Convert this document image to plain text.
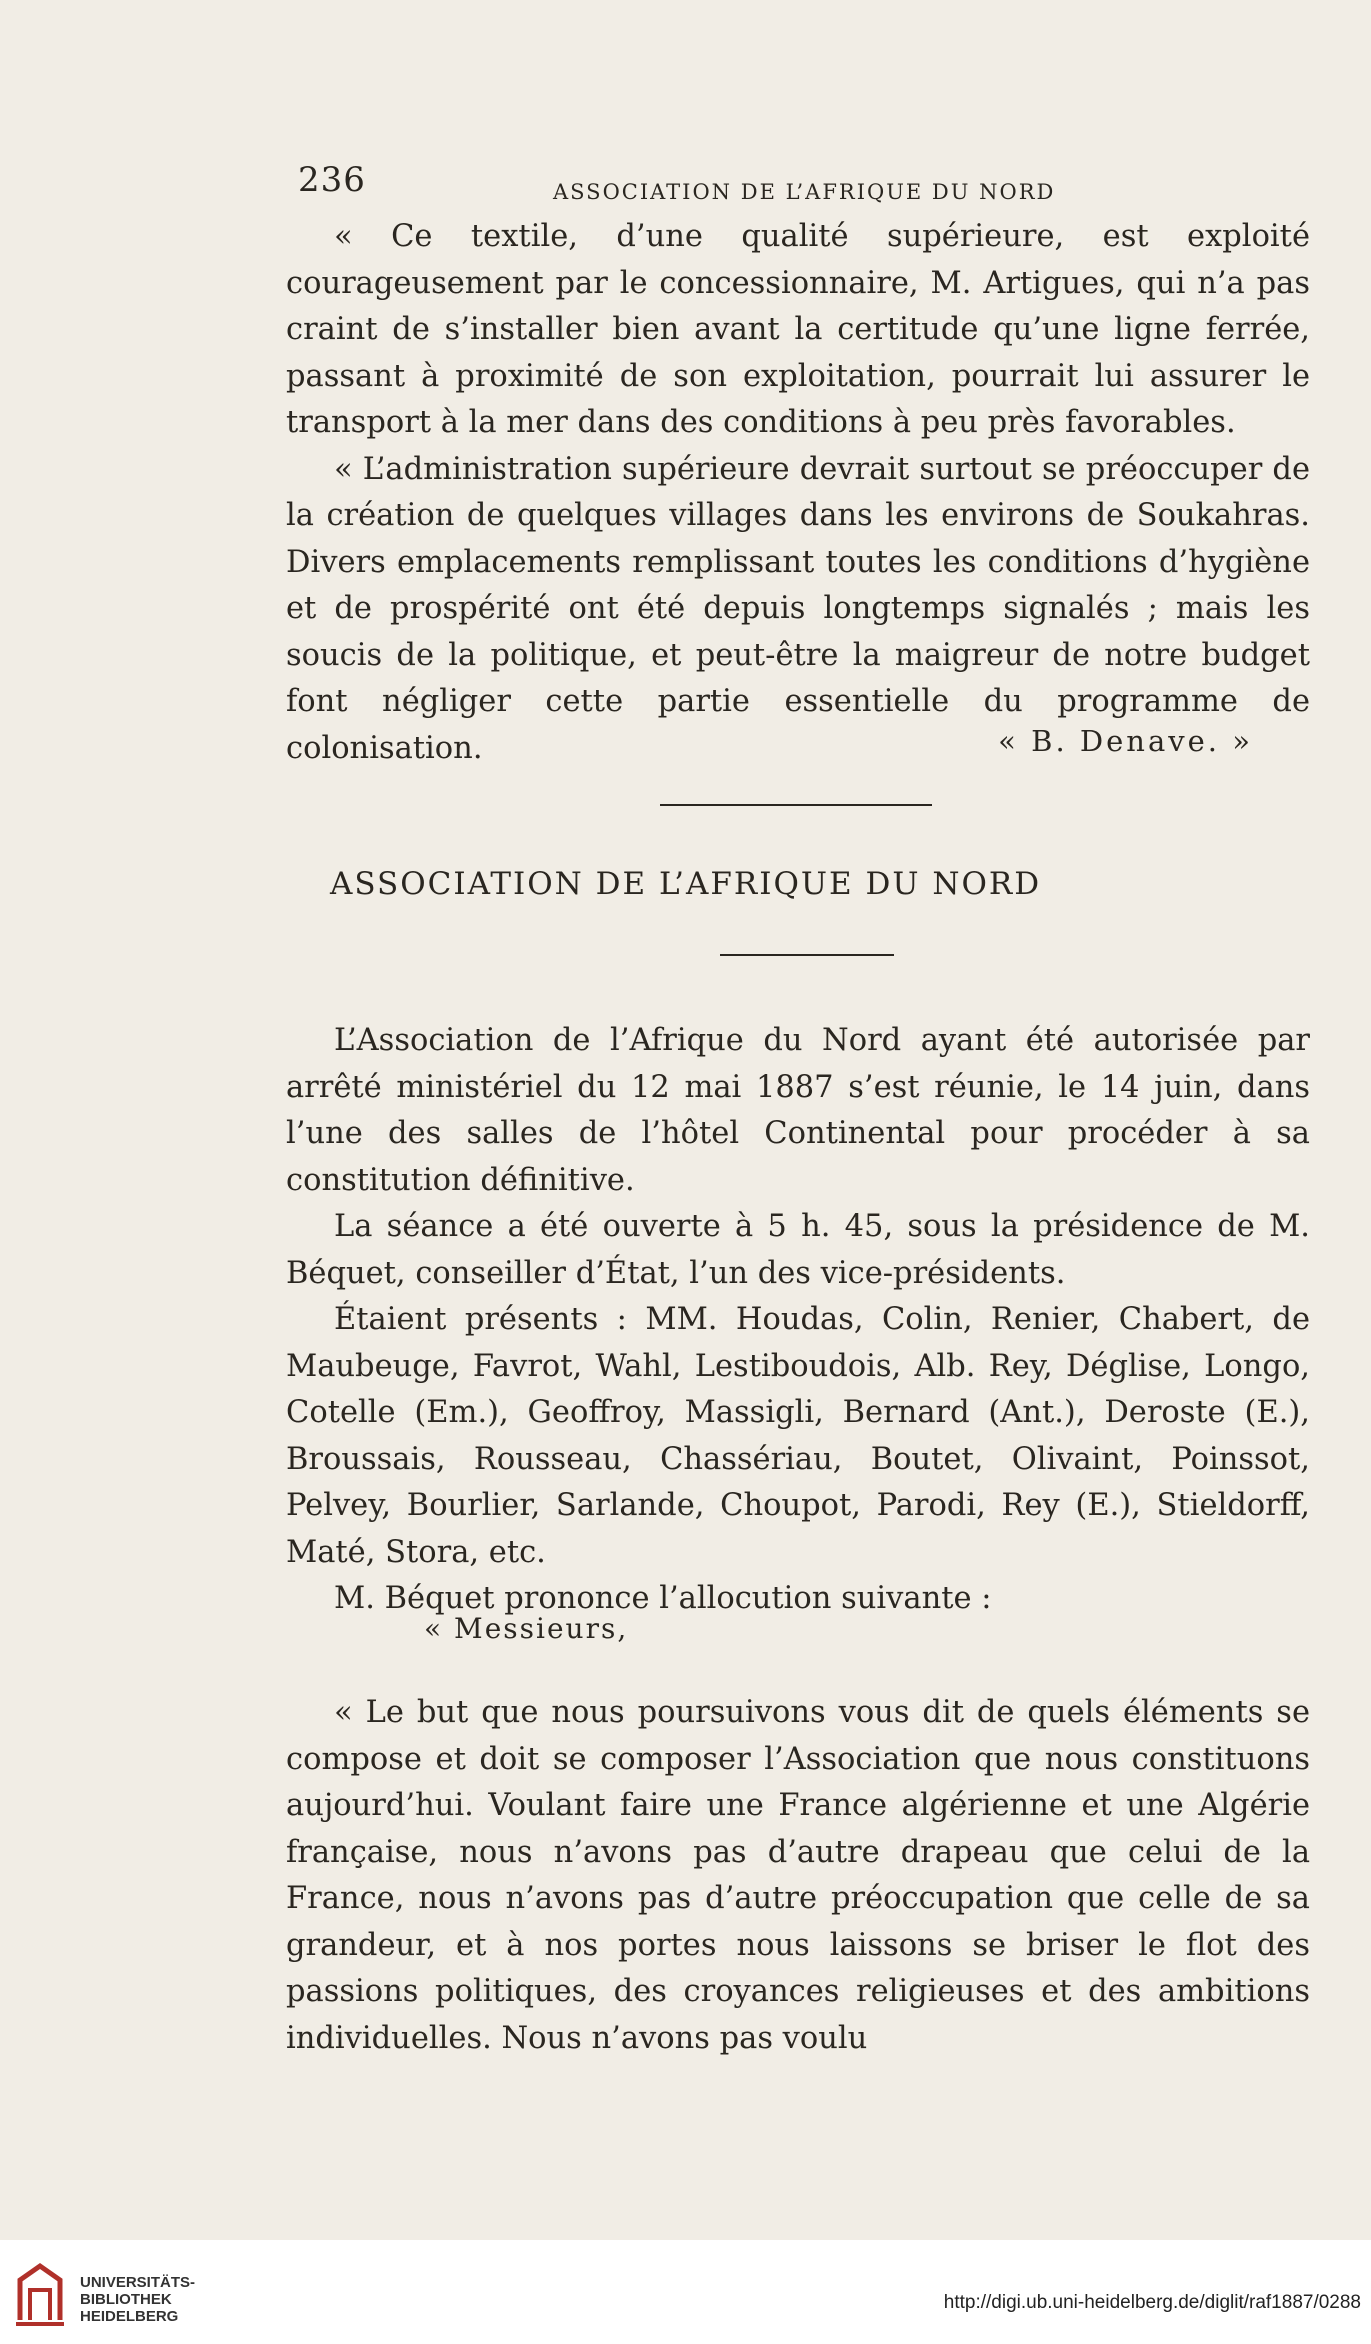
236	ASSOCIATION DE L’AFRIQUE DU NORD

« Ce textile, d’une qualité supérieure, est exploité courageusement par le concessionnaire, M. Artigues, qui n’a pas craint de s’installer bien avant la certitude qu’une ligne ferrée, passant à proximité de son exploitation, pourrait lui assurer le transport à la mer dans des conditions à peu près favorables.

« L’administration supérieure devrait surtout se préoccuper de la création de quelques villages dans les environs de Soukahras. Divers emplacements remplissant toutes les conditions d’hygiène et de prospérité ont été depuis longtemps signalés ; mais les soucis de la politique, et peut-être la maigreur de notre budget font négliger cette partie essentielle du programme de colonisation.	« B. Denave. »
ASSOCIATION DE L’AFRIQUE DU NORD

L’Association de l’Afrique du Nord ayant été autorisée par arrêté ministériel du 12 mai 1887 s’est réunie, le 14 juin, dans l’une des salles de l’hôtel Continental pour procéder à sa constitution définitive.

La séance a été ouverte à 5 h. 45, sous la présidence de M. Béquet, conseiller d’État, l’un des vice-présidents.

Étaient présents : MM. Houdas, Colin, Renier, Chabert, de Maubeuge, Favrot, Wahl, Lestiboudois, Alb. Rey, Déglise, Longo, Cotelle (Em.), Geoffroy, Massigli, Bernard (Ant.), Deroste (E.), Broussais, Rousseau, Chassériau, Boutet, Olivaint, Poinssot, Pelvey, Bourlier, Sarlande, Choupot, Parodi, Rey (E.), Stieldorff, Maté, Stora, etc.

M. Béquet prononce l’allocution suivante :

« Messieurs,

« Le but que nous poursuivons vous dit de quels éléments se compose et doit se composer l’Association que nous constituons aujourd’hui. Voulant faire une France algérienne et une Algérie française, nous n’avons pas d’autre drapeau que celui de la France, nous n’avons pas d’autre préoccupation que celle de sa grandeur, et à nos portes nous laissons se briser le flot des passions politiques, des croyances religieuses et des ambitions individuelles. Nous n’avons pas voulu

UNIVERSITÄTS-
BIBLIOTHEK
HEIDELBERG
http://digi.ub.uni-heidelberg.de/diglit/raf1887/0288
